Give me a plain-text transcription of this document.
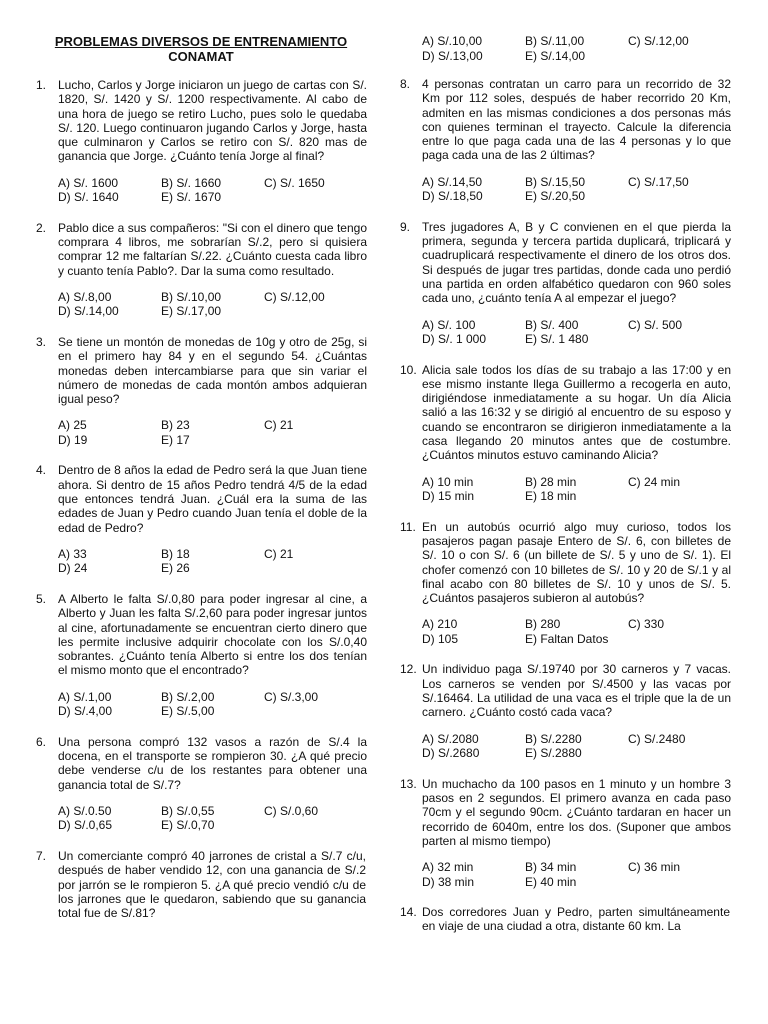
PROBLEMAS DIVERSOS DE ENTRENAMIENTO
CONAMAT
1. Lucho, Carlos y Jorge iniciaron un juego de cartas con S/. 1820, S/. 1420 y S/. 1200 respectivamente. Al cabo de una hora de juego se retiro Lucho, pues solo le quedaba S/. 120. Luego continuaron jugando Carlos y Jorge, hasta que culminaron y Carlos se retiro con S/. 820 mas de ganancia que Jorge. ¿Cuánto tenía Jorge al final?
A) S/. 1600	B) S/. 1660	C) S/. 1650
D) S/. 1640	E) S/. 1670
2. Pablo dice a sus compañeros: "Si con el dinero que tengo comprara 4 libros, me sobrarían S/.2, pero si quisiera comprar 12 me faltarían S/.22. ¿Cuánto cuesta cada libro y cuanto tenía Pablo?. Dar la suma como resultado.
A) S/.8,00	B) S/.10,00	C) S/.12,00
D) S/.14,00	E) S/.17,00
3. Se tiene un montón de monedas de 10g y otro de 25g, si en el primero hay 84 y en el segundo 54. ¿Cuántas monedas deben intercambiarse para que sin variar el número de monedas de cada montón ambos adquieran igual peso?
A) 25	B) 23	C) 21
D) 19	E) 17
4. Dentro de 8 años la edad de Pedro será la que Juan tiene ahora. Si dentro de 15 años Pedro tendrá 4/5 de la edad que entonces tendrá Juan. ¿Cuál era la suma de las edades de Juan y Pedro cuando Juan tenía el doble de la edad de Pedro?
A) 33	B) 18	C) 21
D) 24	E) 26
5. A Alberto le falta S/.0,80 para poder ingresar al cine, a Alberto y Juan les falta S/.2,60 para poder ingresar juntos al cine, afortunadamente se encuentran cierto dinero que les permite inclusive adquirir chocolate con los S/.0,40 sobrantes. ¿Cuánto tenía Alberto si entre los dos tenían el mismo monto que el encontrado?
A) S/.1,00	B) S/.2,00	C) S/.3,00
D) S/.4,00	E) S/.5,00
6. Una persona compró 132 vasos a razón de S/.4 la docena, en el transporte se rompieron 30. ¿A qué precio debe venderse c/u de los restantes para obtener una ganancia total de S/.7?
A) S/.0.50	B) S/.0,55	C) S/.0,60
D) S/.0,65	E) S/.0,70
7. Un comerciante compró 40 jarrones de cristal a S/.7 c/u, después de haber vendido 12, con una ganancia de S/.2 por jarrón se le rompieron 5. ¿A qué precio vendió c/u de los jarrones que le quedaron, sabiendo que su ganancia total fue de S/.81?
A) S/.10,00	B) S/.11,00	C) S/.12,00
D) S/.13,00	E) S/.14,00
8. 4 personas contratan un carro para un recorrido de 32 Km por 112 soles, después de haber recorrido 20 Km, admiten en las mismas condiciones a dos personas más con quienes terminan el trayecto. Calcule la diferencia entre lo que paga cada una de las 4 personas y lo que paga cada una de las 2 últimas?
A) S/.14,50	B) S/.15,50	C) S/.17,50
D) S/.18,50	E) S/.20,50
9. Tres jugadores A, B y C convienen en el que pierda la primera, segunda y tercera partida duplicará, triplicará y cuadruplicará respectivamente el dinero de los otros dos. Si después de jugar tres partidas, donde cada uno perdió una partida en orden alfabético quedaron con 960 soles cada uno, ¿cuánto tenía A al empezar el juego?
A) S/. 100	B) S/. 400	C) S/. 500
D) S/. 1 000	E) S/. 1 480
10. Alicia sale todos los días de su trabajo a las 17:00 y en ese mismo instante llega Guillermo a recogerla en auto, dirigiéndose inmediatamente a su hogar. Un día Alicia salió a las 16:32 y se dirigió al encuentro de su esposo y cuando se encontraron se dirigieron inmediatamente a la casa llegando 20 minutos antes que de costumbre. ¿Cuántos minutos estuvo caminando Alicia?
A) 10 min	B) 28 min	C) 24 min
D) 15 min	E) 18 min
11. En un autobús ocurrió algo muy curioso, todos los pasajeros pagan pasaje Entero de S/. 6, con billetes de S/. 10 o con S/. 6 (un billete de S/. 5 y uno de S/. 1). El chofer comenzó con 10 billetes de S/. 10 y 20 de S/.1 y al final acabo con 80 billetes de S/. 10 y unos de S/. 5. ¿Cuántos pasajeros subieron al autobús?
A) 210	B) 280	C) 330
D) 105	E) Faltan Datos
12. Un individuo paga S/.19740 por 30 carneros y 7 vacas. Los carneros se venden por S/.4500 y las vacas por S/.16464. La utilidad de una vaca es el triple que la de un carnero. ¿Cuánto costó cada vaca?
A) S/.2080	B) S/.2280	C) S/.2480
D) S/.2680	E) S/.2880
13. Un muchacho da 100 pasos en 1 minuto y un hombre 3 pasos en 2 segundos. El primero avanza en cada paso 70cm y el segundo 90cm. ¿Cuánto tardaran en hacer un recorrido de 6040m, entre los dos. (Suponer que ambos parten al mismo tiempo)
A) 32 min	B) 34 min	C) 36 min
D) 38 min	E) 40 min
14. Dos corredores Juan y Pedro, parten simultáneamente en viaje de una ciudad a otra, distante 60 km. La
